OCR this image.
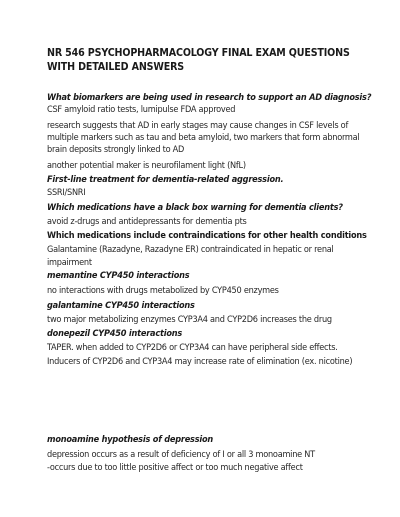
NR 546 PSYCHOPHARMACOLOGY FINAL EXAM QUESTIONS WITH DETAILED ANSWERS

What biomarkers are being used in research to support an AD diagnosis?

CSF amyloid ratio tests, lumipulse FDA approved

research suggests that AD in early stages may cause changes in CSF levels of

multiple markers such as tau and beta amyloid, two markers that form abnormal

brain deposits strongly linked to AD

another potential maker is neurofilament light (NfL)

First-line treatment for dementia-related aggression.

SSRI/SNRI

Which medications have a black box warning for dementia clients?

avoid z-drugs and antidepressants for dementia pts

Which medications include contraindications for other health conditions

Galantamine (Razadyne, Razadyne ER) contraindicated in hepatic or renal

impairment

memantine CYP450 interactions

no interactions with drugs metabolized by CYP450 enzymes

galantamine CYP450 interactions

two major metabolizing enzymes CYP3A4 and CYP2D6 increases the drug

donepezil CYP450 interactions

TAPER. when added to CYP2D6 or CYP3A4 can have peripheral side effects.

Inducers of CYP2D6 and CYP3A4 may increase rate of elimination (ex. nicotine)

monoamine hypothesis of depression

depression occurs as a result of deficiency of I or all 3 monoamine NT

-occurs due to too little positive affect or too much negative affect
